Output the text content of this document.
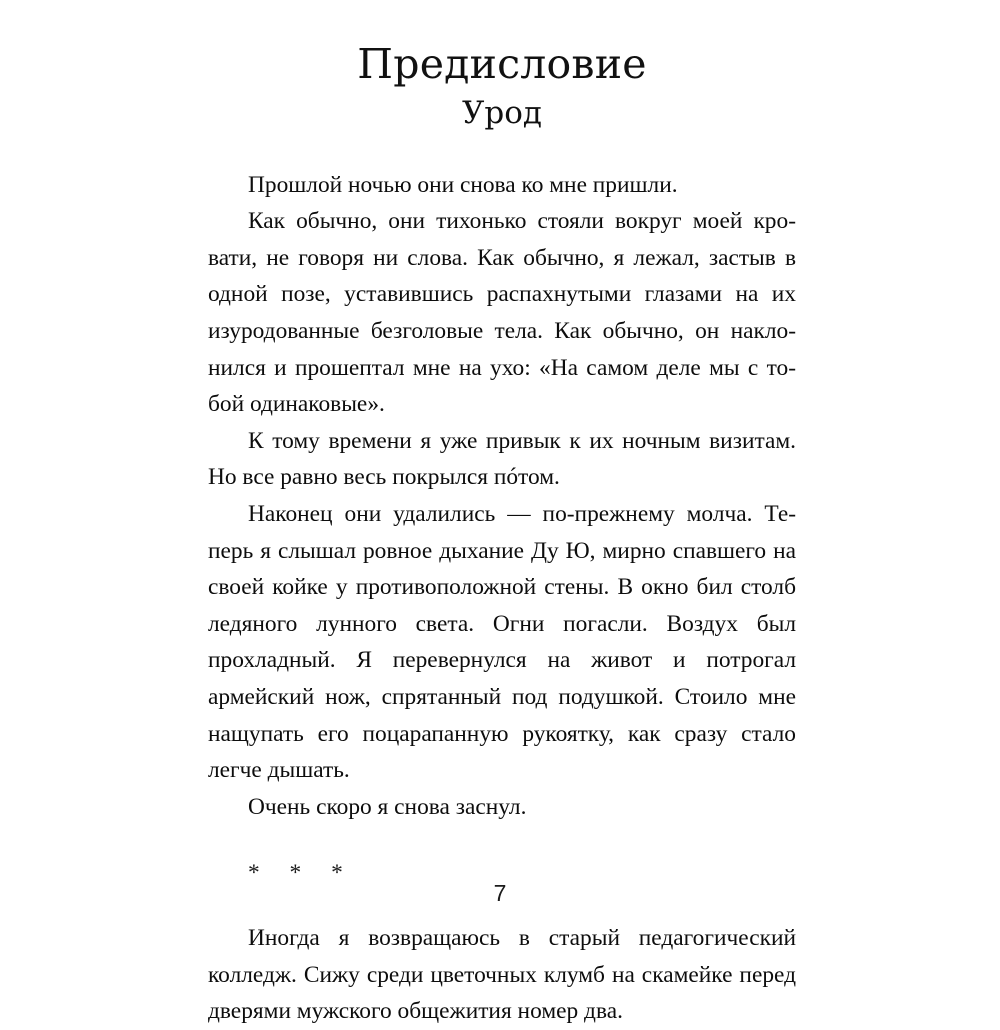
Предисловие
Урод

Прошлой ночью они снова ко мне пришли.

Как обычно, они тихонько стояли вокруг моей кровати, не говоря ни слова. Как обычно, я лежал, застыв в одной позе, уставившись распахнутыми глазами на их изуродованные безголовые тела. Как обычно, он наклонился и прошептал мне на ухо: «На самом деле мы с тобой одинаковые».

К тому времени я уже привык к их ночным визитам. Но все равно весь покрылся пóтом.

Наконец они удалились — по-прежнему молча. Теперь я слышал ровное дыхание Ду Ю, мирно спавшего на своей койке у противоположной стены. В окно бил столб ледяного лунного света. Огни погасли. Воздух был прохладный. Я перевернулся на живот и потрогал армейский нож, спрятанный под подушкой. Стоило мне нащупать его поцарапанную рукоятку, как сразу стало легче дышать.

Очень скоро я снова заснул.

* * *

Иногда я возвращаюсь в старый педагогический колледж. Сижу среди цветочных клумб на скамейке перед дверями мужского общежития номер два.

7
